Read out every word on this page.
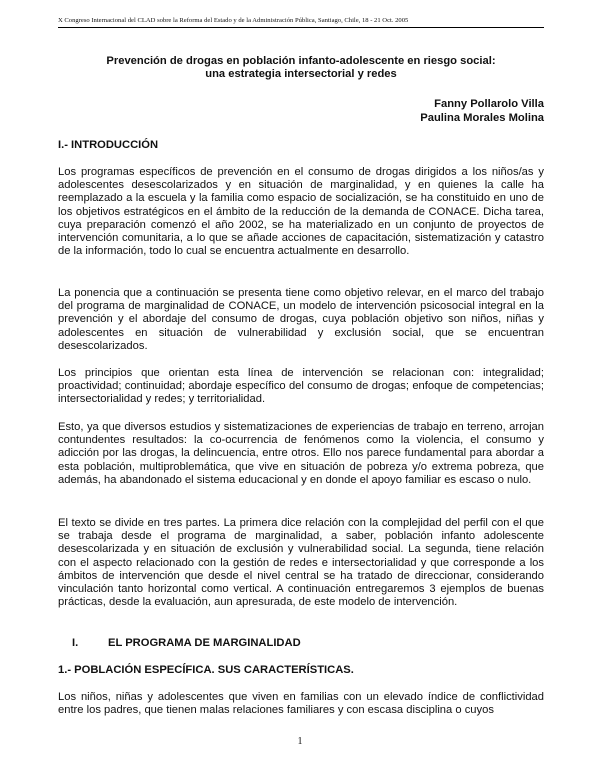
X Congreso Internacional del CLAD sobre la Reforma del Estado y de la Administración Pública, Santiago, Chile, 18 - 21 Oct. 2005
Prevención de drogas en población infanto-adolescente en riesgo social:
una estrategia intersectorial y redes
Fanny Pollarolo Villa
Paulina Morales Molina
I.- INTRODUCCIÓN
Los programas específicos de prevención en el consumo de drogas dirigidos a los niños/as y adolescentes desescolarizados y en situación de marginalidad, y en quienes la calle ha reemplazado a la escuela y la familia como espacio de socialización, se ha constituido en uno de los objetivos estratégicos en el ámbito de la reducción de la demanda de CONACE. Dicha tarea, cuya preparación comenzó el año 2002, se ha materializado en un conjunto de proyectos de intervención comunitaria, a lo que se añade acciones de capacitación, sistematización y catastro de la información, todo lo cual se encuentra actualmente en desarrollo.
La ponencia que a continuación se presenta tiene como objetivo relevar, en el marco del trabajo del programa de marginalidad de CONACE, un modelo de intervención psicosocial integral en la prevención y el abordaje del consumo de drogas, cuya población objetivo son niños, niñas y adolescentes en situación de vulnerabilidad y exclusión social, que se encuentran desescolarizados.
Los principios que orientan esta línea de intervención se relacionan con: integralidad; proactividad; continuidad; abordaje específico del consumo de drogas; enfoque de competencias; intersectorialidad y redes; y territorialidad.
Esto, ya que diversos estudios y sistematizaciones de experiencias de trabajo en terreno, arrojan contundentes resultados: la co-ocurrencia de fenómenos como la violencia, el consumo y adicción por las drogas, la delincuencia, entre otros. Ello nos parece fundamental para abordar a esta población, multiproblemática, que vive en situación de pobreza y/o extrema pobreza, que además, ha abandonado el sistema educacional y en donde el apoyo familiar es escaso o nulo.
El texto se divide en tres partes. La primera dice relación con la complejidad del perfil con el que se trabaja desde el programa de marginalidad, a saber, población infanto adolescente desescolarizada y en situación de exclusión y vulnerabilidad social. La segunda, tiene relación con el aspecto relacionado con la gestión de redes e intersectorialidad y que corresponde a los ámbitos de intervención que desde el nivel central se ha tratado de direccionar, considerando vinculación tanto horizontal como vertical. A continuación entregaremos 3 ejemplos de buenas prácticas, desde la evaluación, aun apresurada, de este modelo de intervención.
I.	EL PROGRAMA DE MARGINALIDAD
1.- POBLACIÓN ESPECÍFICA. SUS CARACTERÍSTICAS.
Los niños, niñas y adolescentes que viven en familias con un elevado índice de conflictividad entre los padres, que tienen malas relaciones familiares y con escasa disciplina o cuyos
1
